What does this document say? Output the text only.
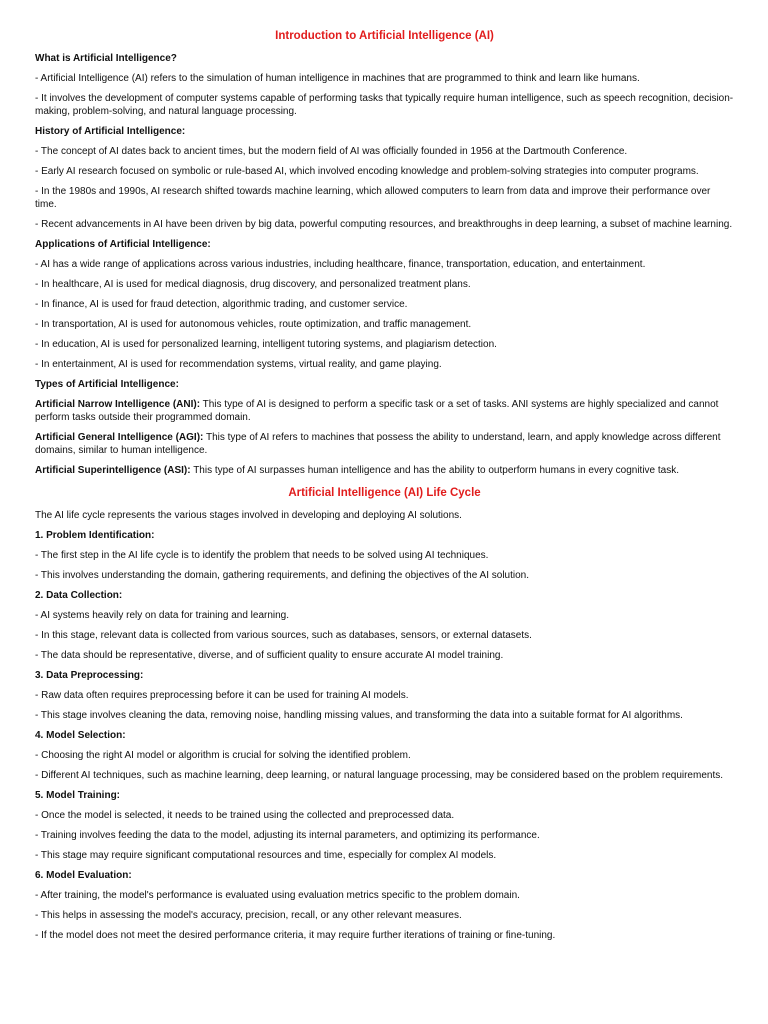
Introduction to Artificial Intelligence (AI)
What is Artificial Intelligence?
- Artificial Intelligence (AI) refers to the simulation of human intelligence in machines that are programmed to think and learn like humans.
- It involves the development of computer systems capable of performing tasks that typically require human intelligence, such as speech recognition, decision-making, problem-solving, and natural language processing.
History of Artificial Intelligence:
- The concept of AI dates back to ancient times, but the modern field of AI was officially founded in 1956 at the Dartmouth Conference.
- Early AI research focused on symbolic or rule-based AI, which involved encoding knowledge and problem-solving strategies into computer programs.
- In the 1980s and 1990s, AI research shifted towards machine learning, which allowed computers to learn from data and improve their performance over time.
- Recent advancements in AI have been driven by big data, powerful computing resources, and breakthroughs in deep learning, a subset of machine learning.
Applications of Artificial Intelligence:
- AI has a wide range of applications across various industries, including healthcare, finance, transportation, education, and entertainment.
- In healthcare, AI is used for medical diagnosis, drug discovery, and personalized treatment plans.
- In finance, AI is used for fraud detection, algorithmic trading, and customer service.
- In transportation, AI is used for autonomous vehicles, route optimization, and traffic management.
- In education, AI is used for personalized learning, intelligent tutoring systems, and plagiarism detection.
- In entertainment, AI is used for recommendation systems, virtual reality, and game playing.
Types of Artificial Intelligence:
Artificial Narrow Intelligence (ANI): This type of AI is designed to perform a specific task or a set of tasks. ANI systems are highly specialized and cannot perform tasks outside their programmed domain.
Artificial General Intelligence (AGI): This type of AI refers to machines that possess the ability to understand, learn, and apply knowledge across different domains, similar to human intelligence.
Artificial Superintelligence (ASI): This type of AI surpasses human intelligence and has the ability to outperform humans in every cognitive task.
Artificial Intelligence (AI) Life Cycle
The AI life cycle represents the various stages involved in developing and deploying AI solutions.
1. Problem Identification:
- The first step in the AI life cycle is to identify the problem that needs to be solved using AI techniques.
- This involves understanding the domain, gathering requirements, and defining the objectives of the AI solution.
2. Data Collection:
- AI systems heavily rely on data for training and learning.
- In this stage, relevant data is collected from various sources, such as databases, sensors, or external datasets.
- The data should be representative, diverse, and of sufficient quality to ensure accurate AI model training.
3. Data Preprocessing:
- Raw data often requires preprocessing before it can be used for training AI models.
- This stage involves cleaning the data, removing noise, handling missing values, and transforming the data into a suitable format for AI algorithms.
4. Model Selection:
- Choosing the right AI model or algorithm is crucial for solving the identified problem.
- Different AI techniques, such as machine learning, deep learning, or natural language processing, may be considered based on the problem requirements.
5. Model Training:
- Once the model is selected, it needs to be trained using the collected and preprocessed data.
- Training involves feeding the data to the model, adjusting its internal parameters, and optimizing its performance.
- This stage may require significant computational resources and time, especially for complex AI models.
6. Model Evaluation:
- After training, the model's performance is evaluated using evaluation metrics specific to the problem domain.
- This helps in assessing the model's accuracy, precision, recall, or any other relevant measures.
- If the model does not meet the desired performance criteria, it may require further iterations of training or fine-tuning.
